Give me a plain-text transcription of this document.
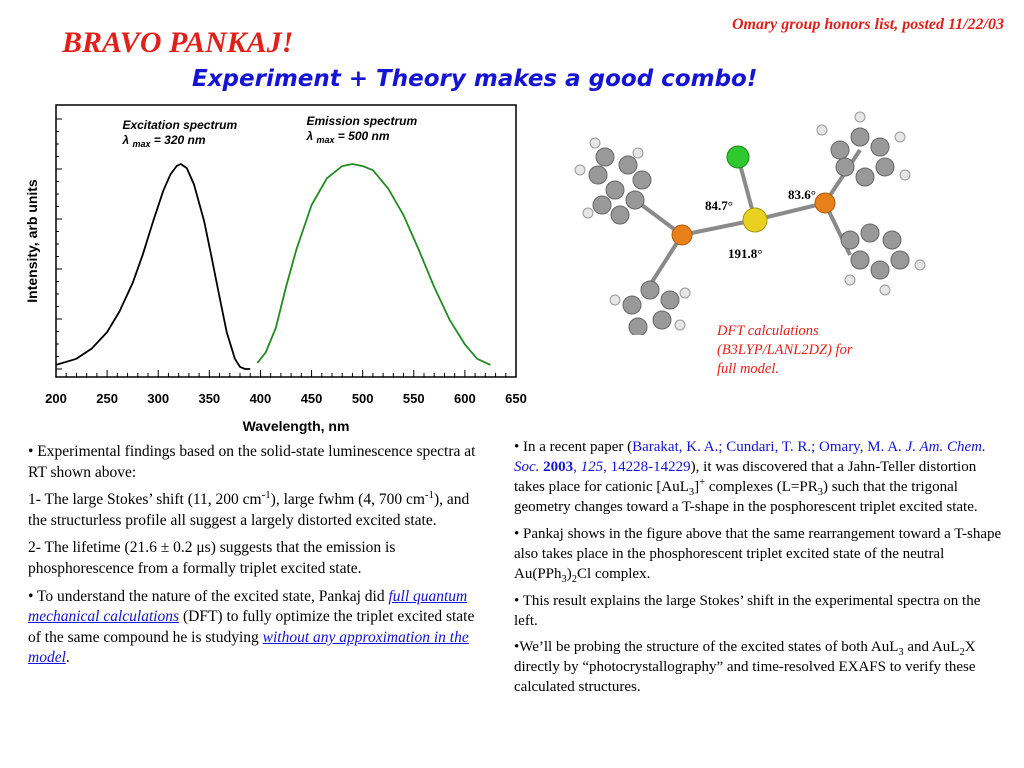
Omary group honors list, posted 11/22/03
BRAVO PANKAJ!
Experiment + Theory makes a good combo!
200 250 300 350 400 450 500 550 600 650
Wavelength, nm
Intensity, arb units
Excitation spectrum
λ $_{max}$ = 320 nm
Emission spectrum
λ $_{max}$ = 500 nm
84.7°
83.6°
191.8°
DFT calculations
(B3LYP/LANL2DZ) for
full model.

• Experimental findings based on the solid-state luminescence spectra at RT shown above:

1- The large Stokes’ shift (11, 200 $cm^{-1}$), large fwhm (4, 700 $cm^{-1}$), and the structurless profile all suggest a largely distorted excited state.

2- The lifetime (21.6 ± 0.2 μs) suggests that the emission is phosphorescence from a formally triplet excited state.

• To understand the nature of the excited state, Pankaj did full quantum mechanical calculations (DFT) to fully optimize the triplet excited state of the same compound he is studying without any approximation in the model.

• In a recent paper (Barakat, K. A.; Cundari, T. R.; Omary, M. A. J. Am. Chem. Soc. 2003, 125, 14228-14229), it was discovered that a Jahn-Teller distortion takes place for cationic [AuL$_3$]+ complexes $(L=PR_3)$ such that the trigonal geometry changes toward a T-shape in the posphorescent triplet excited state.

• Pankaj shows in the figure above that the same rearrangement toward a T-shape also takes place in the phosphorescent triplet excited state of the neutral $Au(PPh_3)_2Cl$ complex.

• This result explains the large Stokes’ shift in the experimental spectra on the left.

•We’ll be probing the structure of the excited states of both AuL$_3$ and AuL$_2$X directly by “photocrystallography” and time-resolved EXAFS to verify these calculated structures.
